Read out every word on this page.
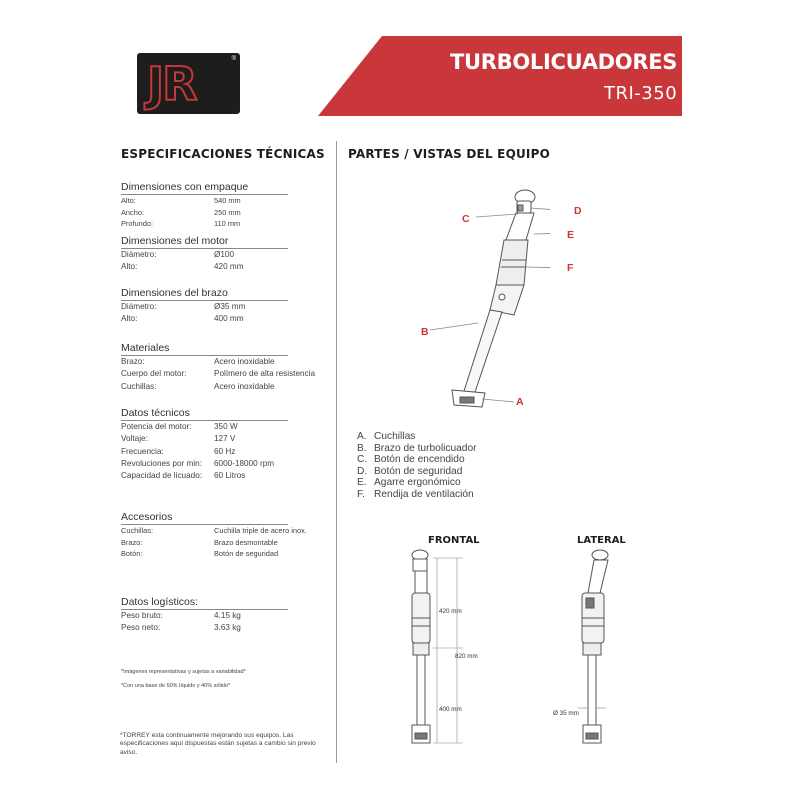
TURBOLICUADORES
TRI-350
JR	®
ESPECIFICACIONES TÉCNICAS PARTES / VISTAS DEL EQUIPO
Dimensiones con empaque
Alto:	540 mm
Ancho:	250 mm
Profundo:	110 mm
Dimensiones del motor
Diámetro:	Ø100
Alto:	420 mm
Dimensiones del brazo
Diámetro:	Ø35 mm
Alto:	400 mm
Materiales
Brazo:	Acero inoxidable
Cuerpo del motor:	Polímero de alta resistencia
Cuchillas:	Acero inoxidable
Datos técnicos
Potencia del motor:	350 W
Voltaje:	127 V
Frecuencia:	60 Hz
Revoluciones por min:	6000-18000 rpm
Capacidad de licuado:	60 Litros
Accesorios
Cuchillas:	Cuchilla triple de acero inox.
Brazo:	Brazo desmontable
Botón:	Botón de seguridad
Datos logísticos:
Peso bruto:	4.15 kg
Peso neto:	3.63 kg
*Imágenes representativas y sujetas a variabilidad*
*Con una base de 60% líquido y 40% sólido*
*TORREY esta continuamente mejorando sus equipos. Las especificaciones aquí dispuestas están sujetas a cambio sin previo aviso.
C
D
E
F
B
A
A. Cuchillas
B. Brazo de turbolicuador
C. Botón de encendido
D. Botón de seguridad
E. Agarre ergonómico
F. Rendija de ventilación
FRONTAL	LATERAL
420 mm
820 mm
400 mm
Ø 35 mm
